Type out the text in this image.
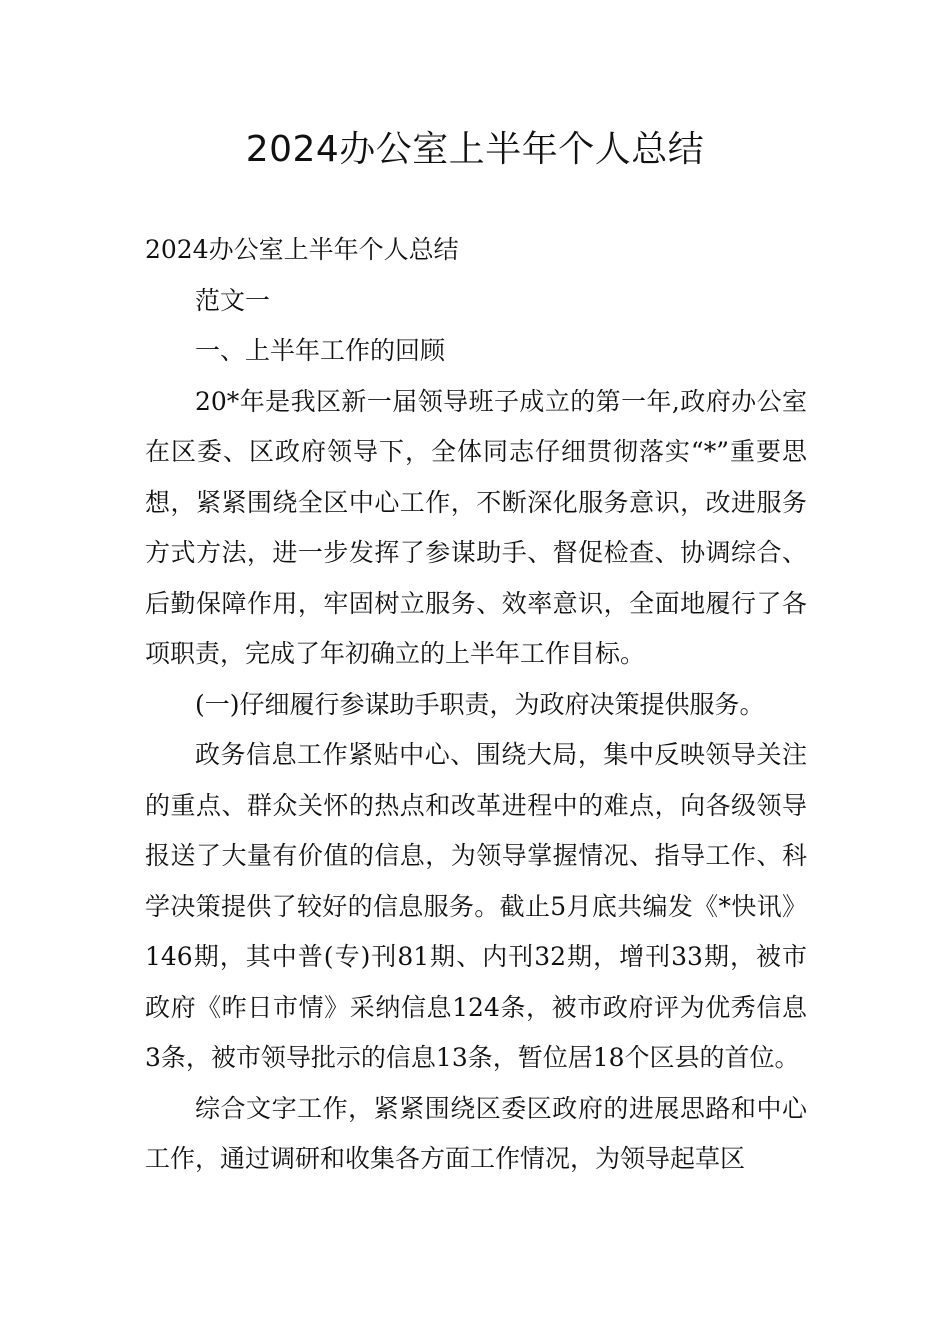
2024办公室上半年个人总结

2024办公室上半年个人总结

范文一

一、上半年工作的回顾

20*年是我区新一届领导班子成立的第一年,政府办公室在区委、区政府领导下，全体同志仔细贯彻落实“*”重要思想，紧紧围绕全区中心工作，不断深化服务意识，改进服务方式方法，进一步发挥了参谋助手、督促检查、协调综合、后勤保障作用，牢固树立服务、效率意识，全面地履行了各项职责，完成了年初确立的上半年工作目标。

(一)仔细履行参谋助手职责，为政府决策提供服务。

政务信息工作紧贴中心、围绕大局，集中反映领导关注的重点、群众关怀的热点和改革进程中的难点，向各级领导报送了大量有价值的信息，为领导掌握情况、指导工作、科学决策提供了较好的信息服务。截止5月底共编发《*快讯》146期，其中普(专)刊81期、内刊32期，增刊33期，被市政府《昨日市情》采纳信息124条，被市政府评为优秀信息3条，被市领导批示的信息13条，暂位居18个区县的首位。

综合文字工作，紧紧围绕区委区政府的进展思路和中心工作，通过调研和收集各方面工作情况，为领导起草区
